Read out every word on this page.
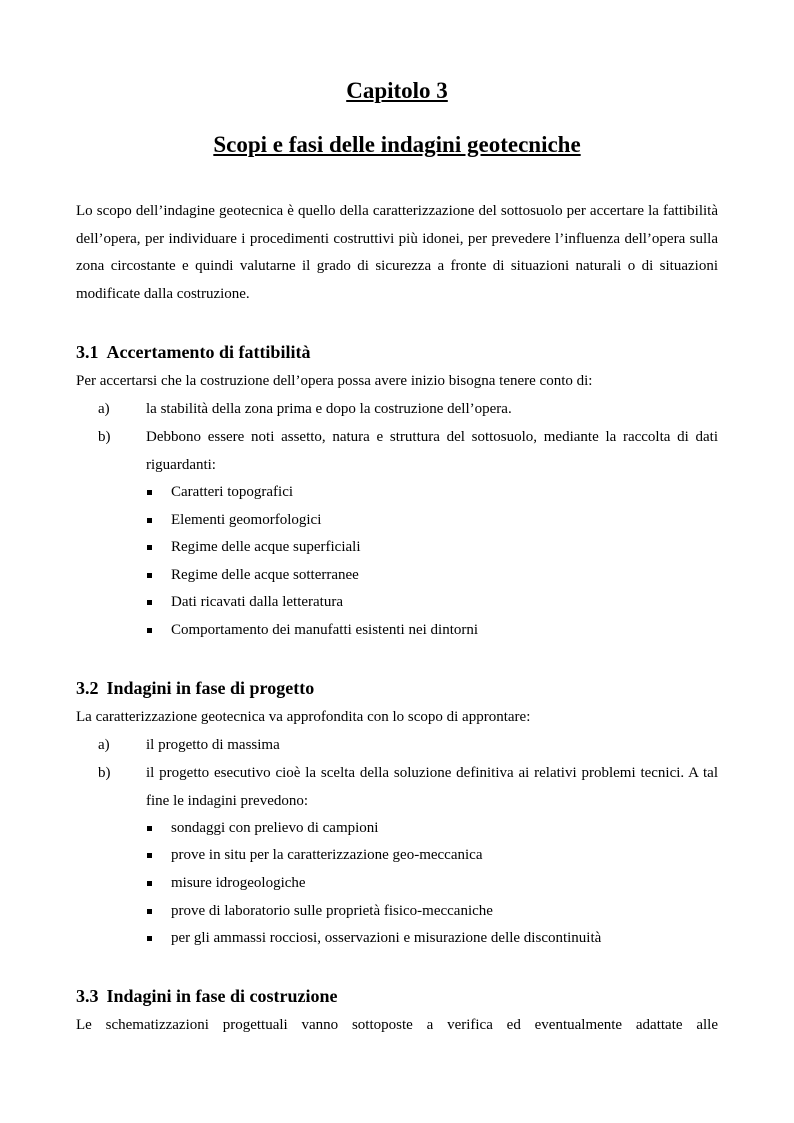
Capitolo 3
Scopi e fasi delle indagini geotecniche

Lo scopo dell’indagine geotecnica è quello della caratterizzazione del sottosuolo per accertare la fattibilità dell’opera, per individuare i procedimenti costruttivi più idonei, per prevedere l’influenza dell’opera sulla zona circostante e quindi valutarne il grado di sicurezza a fronte di situazioni naturali o di situazioni modificate dalla costruzione.

3.1 Accertamento di fattibilità

Per accertarsi che la costruzione dell’opera possa avere inizio bisogna tenere conto di:

a)	la stabilità della zona prima e dopo la costruzione dell’opera.
b)	Debbono essere noti assetto, natura e struttura del sottosuolo, mediante la raccolta di dati riguardanti:
Caratteri topografici
Elementi geomorfologici
Regime delle acque superficiali
Regime delle acque sotterranee
Dati ricavati dalla letteratura
Comportamento dei manufatti esistenti nei dintorni
3.2 Indagini in fase di progetto

La caratterizzazione geotecnica va approfondita con lo scopo di approntare:

a)	il progetto di massima
b)	il progetto esecutivo cioè la scelta della soluzione definitiva ai relativi problemi tecnici. A tal fine le indagini prevedono:
sondaggi con prelievo di campioni
prove in situ per la caratterizzazione geo-meccanica
misure idrogeologiche
prove di laboratorio sulle proprietà fisico-meccaniche
per gli ammassi rocciosi, osservazioni e misurazione delle discontinuità
3.3 Indagini in fase di costruzione

Le schematizzazioni progettuali vanno sottoposte a verifica ed eventualmente adattate alle
